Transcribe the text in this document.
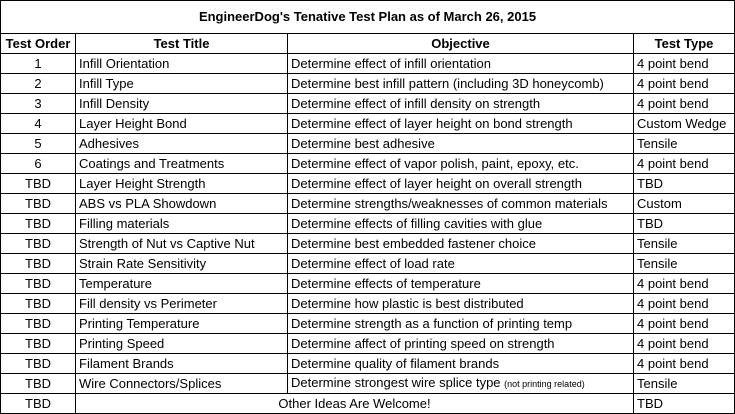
EngineerDog's Tenative Test Plan as of March 26, 2015			
Test Order	Test Title	Objective	Test Type
1	Infill Orientation	Determine effect of infill orientation	4 point bend
2	Infill Type	Determine best infill pattern (including 3D honeycomb)	4 point bend
3	Infill Density	Determine effect of infill density on strength	4 point bend
4	Layer Height Bond	Determine effect of layer height on bond strength	Custom Wedge
5	Adhesives	Determine best adhesive	Tensile
6	Coatings and Treatments	Determine effect of vapor polish, paint, epoxy, etc.	4 point bend
TBD	Layer Height Strength	Determine effect of layer height on overall strength	TBD
TBD	ABS vs PLA Showdown	Determine strengths/weaknesses of common materials	Custom
TBD	Filling materials	Determine effects of filling cavities with glue	TBD
TBD	Strength of Nut vs Captive Nut	Determine best embedded fastener choice	Tensile
TBD	Strain Rate Sensitivity	Determine effect of load rate	Tensile
TBD	Temperature	Determine effects of temperature	4 point bend
TBD	Fill density vs Perimeter	Determine how plastic is best distributed	4 point bend
TBD	Printing Temperature	Determine strength as a function of printing temp	4 point bend
TBD	Printing Speed	Determine affect of printing speed on strength	4 point bend
TBD	Filament Brands	Determine quality of filament brands	4 point bend
TBD	Wire Connectors/Splices	Determine strongest wire splice type (not printing related)	Tensile
TBD	Other Ideas Are Welcome!		TBD
